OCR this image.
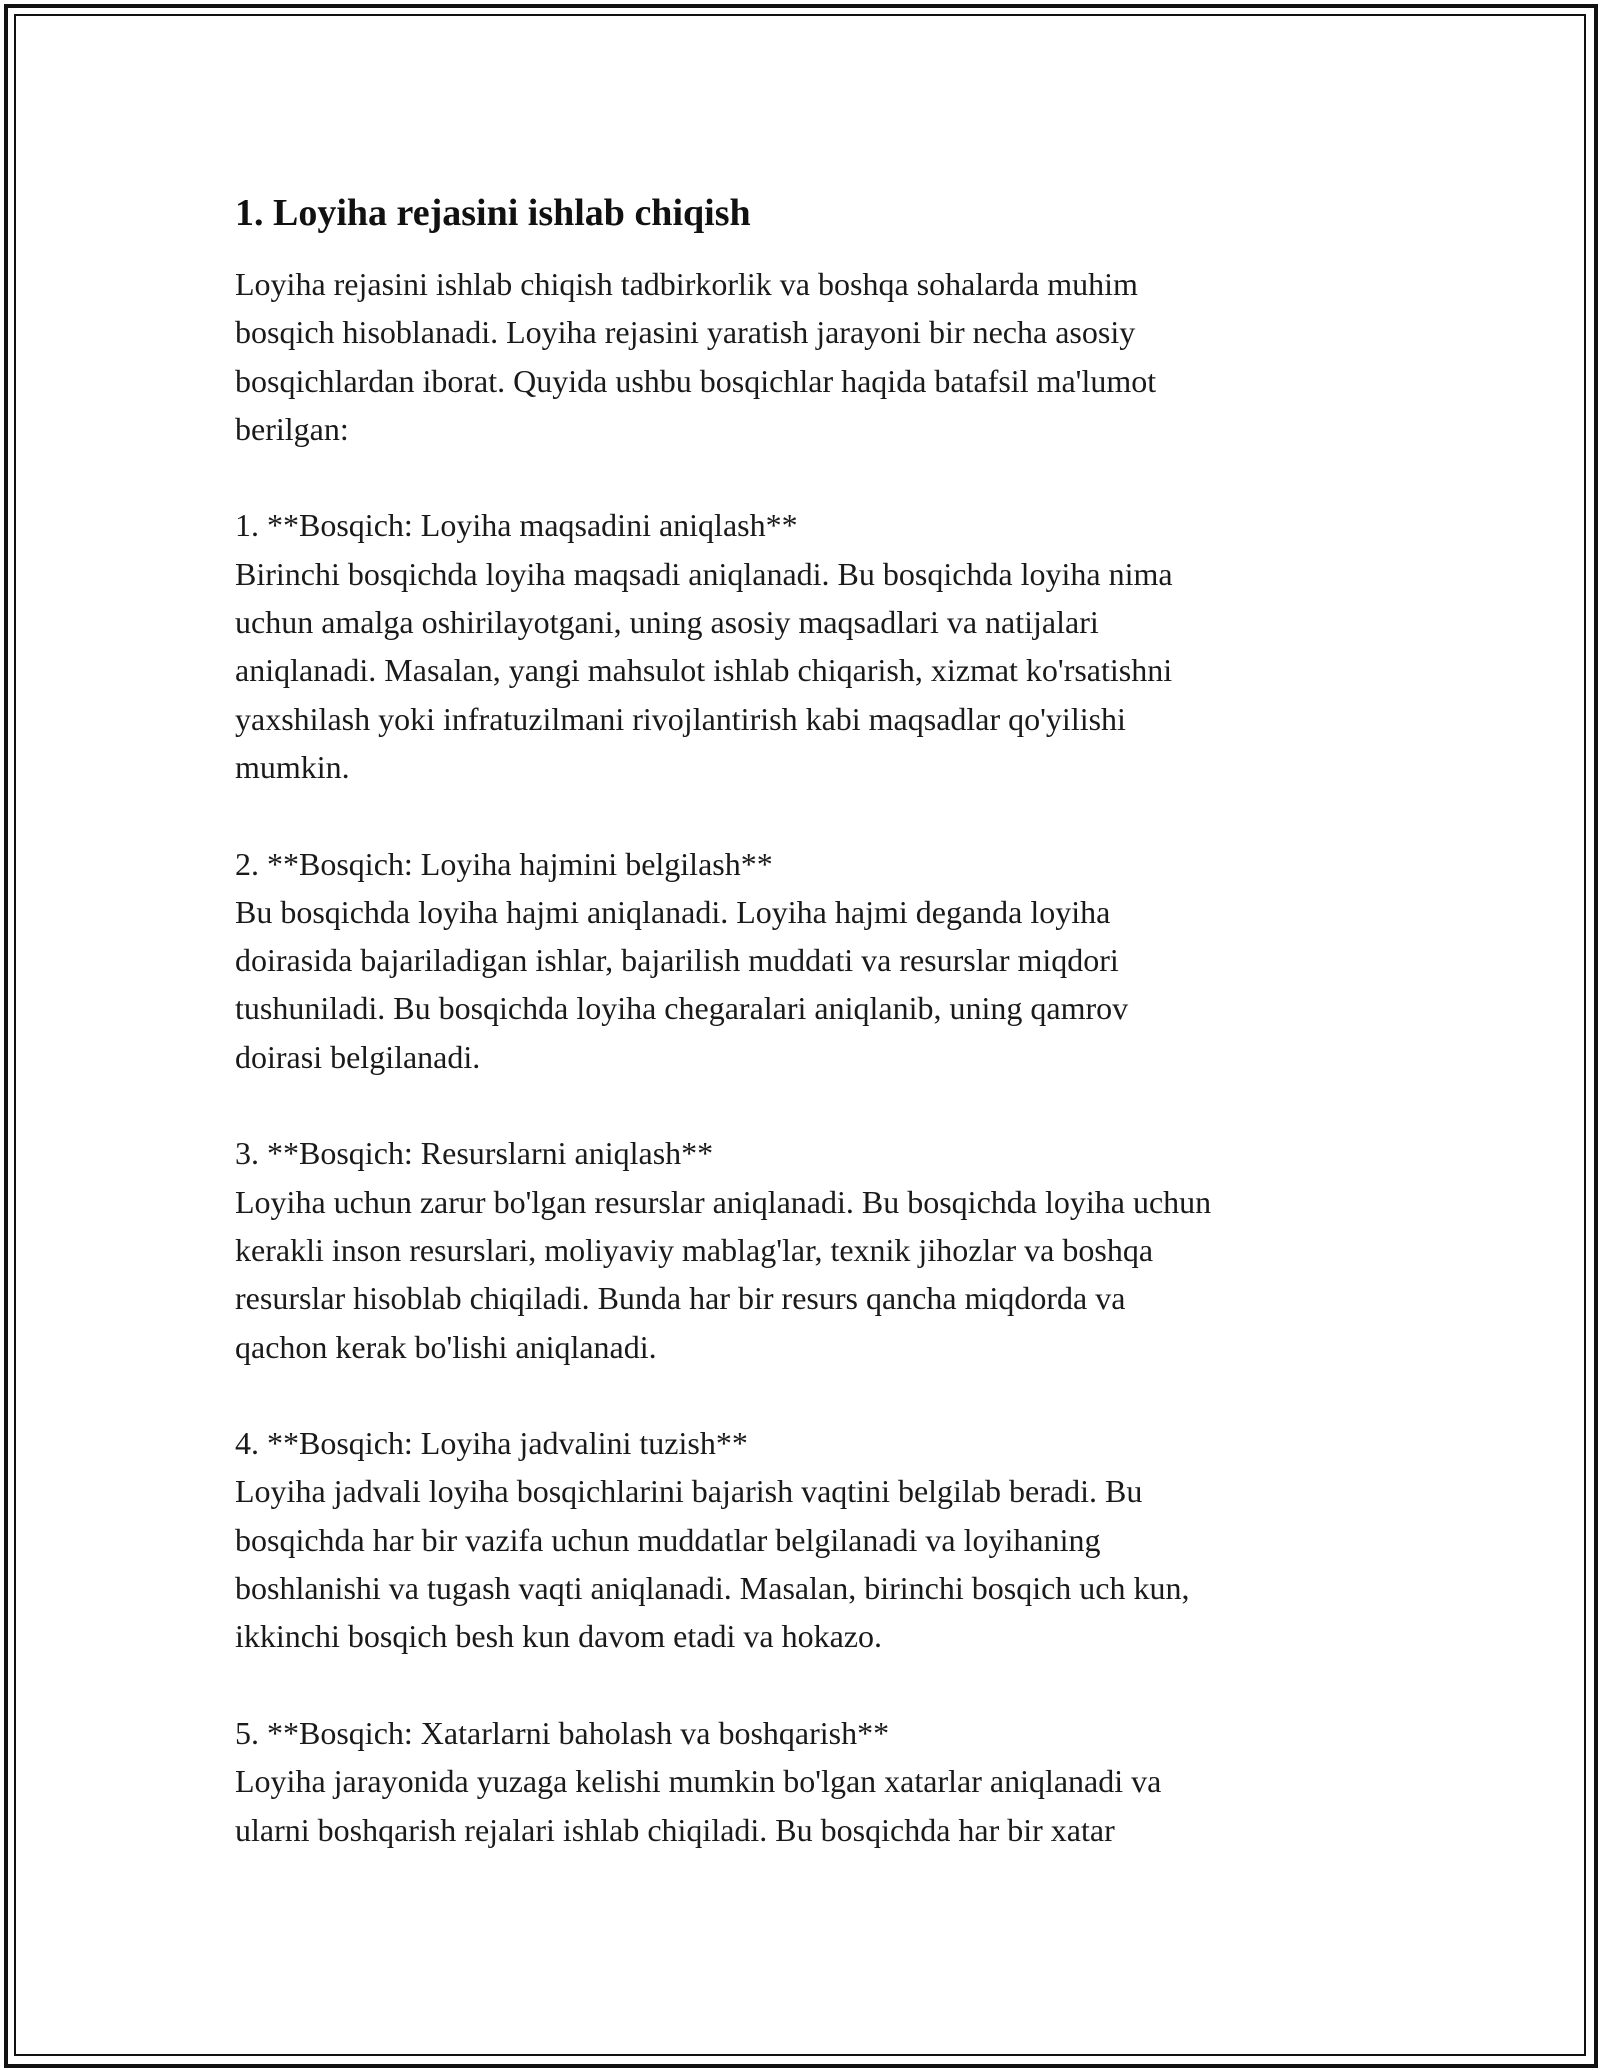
1. Loyiha rejasini ishlab chiqish

Loyiha rejasini ishlab chiqish tadbirkorlik va boshqa sohalarda muhim
bosqich hisoblanadi. Loyiha rejasini yaratish jarayoni bir necha asosiy
bosqichlardan iborat. Quyida ushbu bosqichlar haqida batafsil ma'lumot
berilgan:

1. **Bosqich: Loyiha maqsadini aniqlash**

Birinchi bosqichda loyiha maqsadi aniqlanadi. Bu bosqichda loyiha nima
uchun amalga oshirilayotgani, uning asosiy maqsadlari va natijalari
aniqlanadi. Masalan, yangi mahsulot ishlab chiqarish, xizmat ko'rsatishni
yaxshilash yoki infratuzilmani rivojlantirish kabi maqsadlar qo'yilishi
mumkin.

2. **Bosqich: Loyiha hajmini belgilash**

Bu bosqichda loyiha hajmi aniqlanadi. Loyiha hajmi deganda loyiha
doirasida bajariladigan ishlar, bajarilish muddati va resurslar miqdori
tushuniladi. Bu bosqichda loyiha chegaralari aniqlanib, uning qamrov
doirasi belgilanadi.

3. **Bosqich: Resurslarni aniqlash**

Loyiha uchun zarur bo'lgan resurslar aniqlanadi. Bu bosqichda loyiha uchun
kerakli inson resurslari, moliyaviy mablag'lar, texnik jihozlar va boshqa
resurslar hisoblab chiqiladi. Bunda har bir resurs qancha miqdorda va
qachon kerak bo'lishi aniqlanadi.

4. **Bosqich: Loyiha jadvalini tuzish**

Loyiha jadvali loyiha bosqichlarini bajarish vaqtini belgilab beradi. Bu
bosqichda har bir vazifa uchun muddatlar belgilanadi va loyihaning
boshlanishi va tugash vaqti aniqlanadi. Masalan, birinchi bosqich uch kun,
ikkinchi bosqich besh kun davom etadi va hokazo.

5. **Bosqich: Xatarlarni baholash va boshqarish**

Loyiha jarayonida yuzaga kelishi mumkin bo'lgan xatarlar aniqlanadi va
ularni boshqarish rejalari ishlab chiqiladi. Bu bosqichda har bir xatar
